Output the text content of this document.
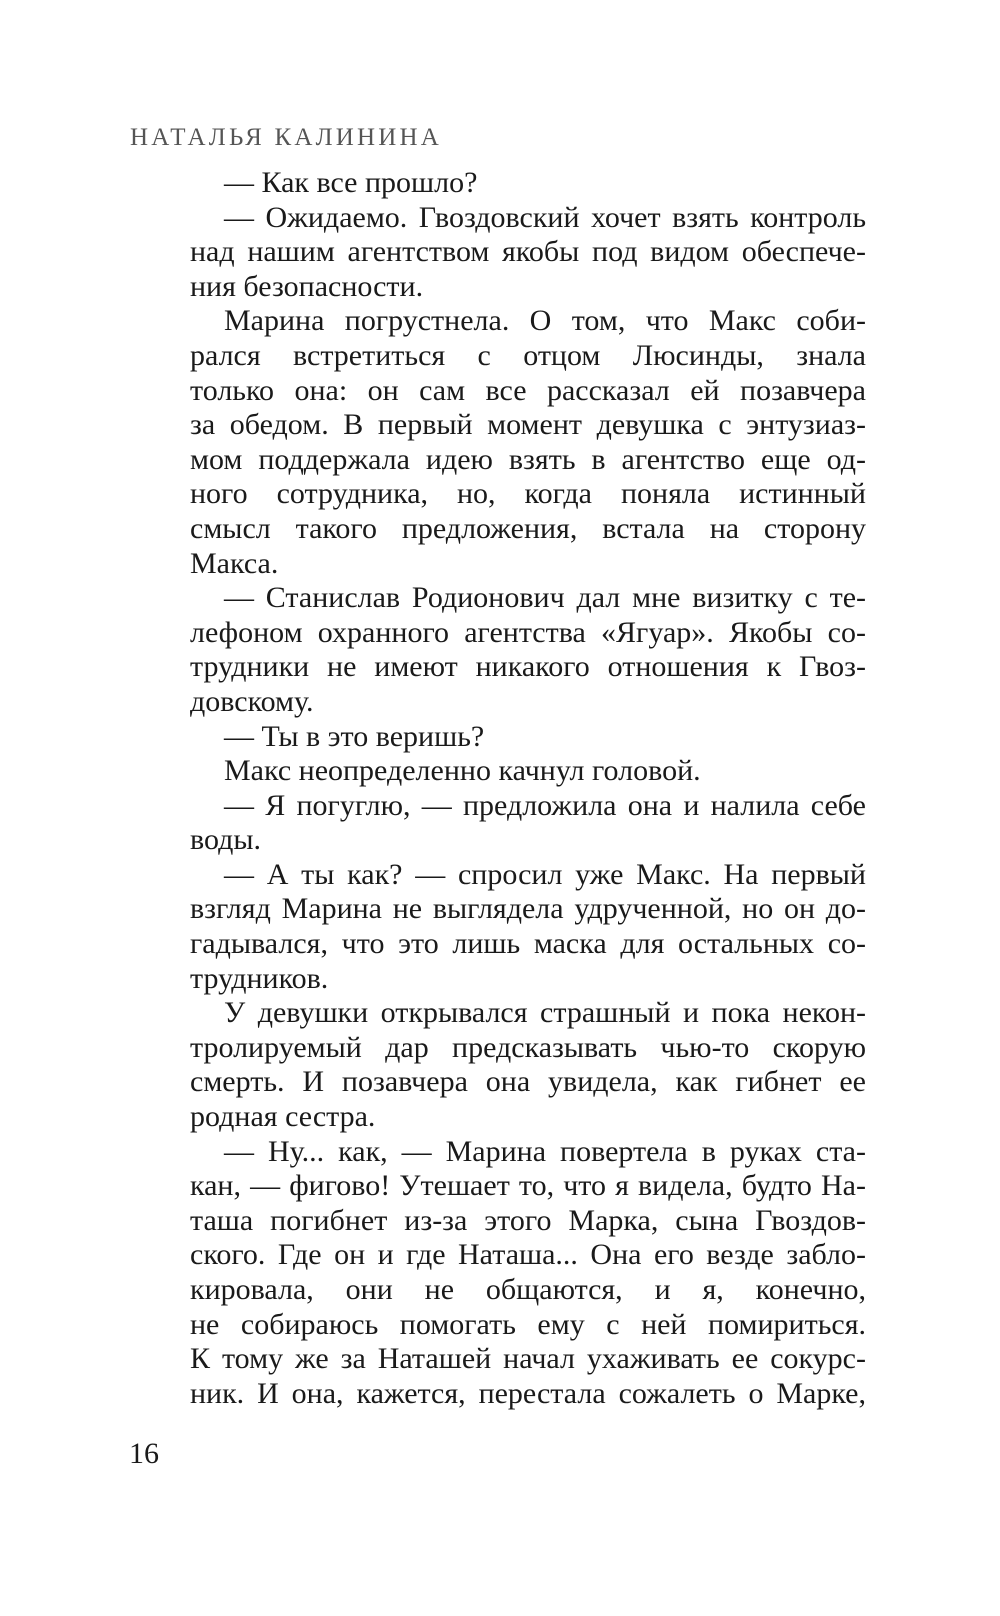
НАТАЛЬЯ КАЛИНИНА
— Как все прошло?
— Ожидаемо. Гвоздовский хочет взять контроль
над нашим агентством якобы под видом обеспече-
ния безопасности.
Марина погрустнела. О том, что Макс соби-
рался встретиться с отцом Люсинды, знала
только она: он сам все рассказал ей позавчера
за обедом. В первый момент девушка с энтузиаз-
мом поддержала идею взять в агентство еще од-
ного сотрудника, но, когда поняла истинный
смысл такого предложения, встала на сторону
Макса.
— Станислав Родионович дал мне визитку с те-
лефоном охранного агентства «Ягуар». Якобы со-
трудники не имеют никакого отношения к Гвоз-
довскому.
— Ты в это веришь?
Макс неопределенно качнул головой.
— Я погуглю, — предложила она и налила себе
воды.
— А ты как? — спросил уже Макс. На первый
взгляд Марина не выглядела удрученной, но он до-
гадывался, что это лишь маска для остальных со-
трудников.
У девушки открывался страшный и пока некон-
тролируемый дар предсказывать чью-то скорую
смерть. И позавчера она увидела, как гибнет ее
родная сестра.
— Ну... как, — Марина повертела в руках ста-
кан, — фигово! Утешает то, что я видела, будто На-
таша погибнет из-за этого Марка, сына Гвоздов-
ского. Где он и где Наташа... Она его везде забло-
кировала, они не общаются, и я, конечно,
не собираюсь помогать ему с ней помириться.
К тому же за Наташей начал ухаживать ее сокурс-
ник. И она, кажется, перестала сожалеть о Марке,
16
